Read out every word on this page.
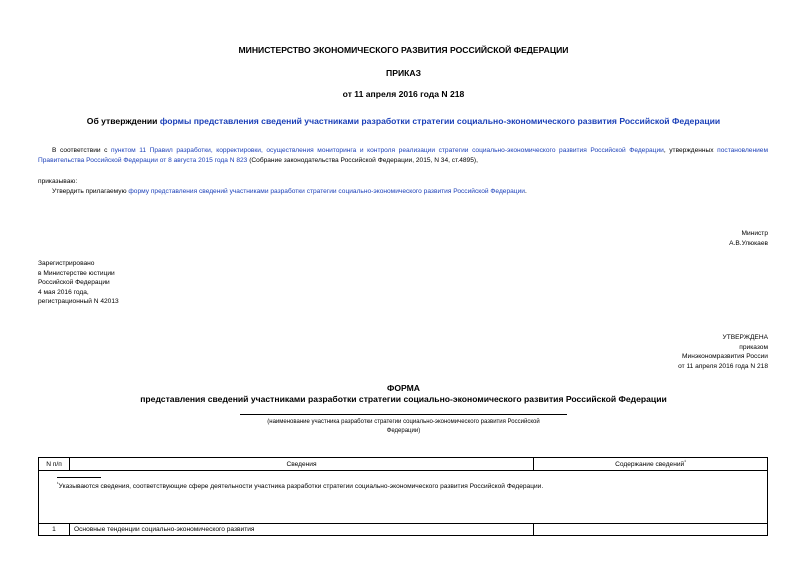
МИНИСТЕРСТВО ЭКОНОМИЧЕСКОГО РАЗВИТИЯ РОССИЙСКОЙ ФЕДЕРАЦИИ
ПРИКАЗ
от 11 апреля 2016 года N 218
Об утверждении формы представления сведений участниками разработки стратегии социально-экономического развития Российской Федерации
В соответствии с пунктом 11 Правил разработки, корректировки, осуществления мониторинга и контроля реализации стратегии социально-экономического развития Российской Федерации, утвержденных постановлением Правительства Российской Федерации от 8 августа 2015 года N 823 (Собрание законодательства Российской Федерации, 2015, N 34, ст.4895),
приказываю:
Утвердить прилагаемую форму представления сведений участниками разработки стратегии социально-экономического развития Российской Федерации.
Министр
А.В.Улюкаев
Зарегистрировано
в Министерстве юстиции
Российской Федерации
4 мая 2016 года,
регистрационный N 42013
УТВЕРЖДЕНА
приказом
Минэкономразвития России
от 11 апреля 2016 года N 218
ФОРМА
представления сведений участниками разработки стратегии социально-экономического развития Российской Федерации
(наименование участника разработки стратегии социально-экономического развития Российской Федерации)
N п/п	Сведения	Содержание сведений$^{^1}$

$^{^1}$Указываются сведения, соответствующие сфере деятельности участника разработки стратегии социально-экономического развития Российской Федерации.		
1	Основные тенденции социально-экономического развития	
